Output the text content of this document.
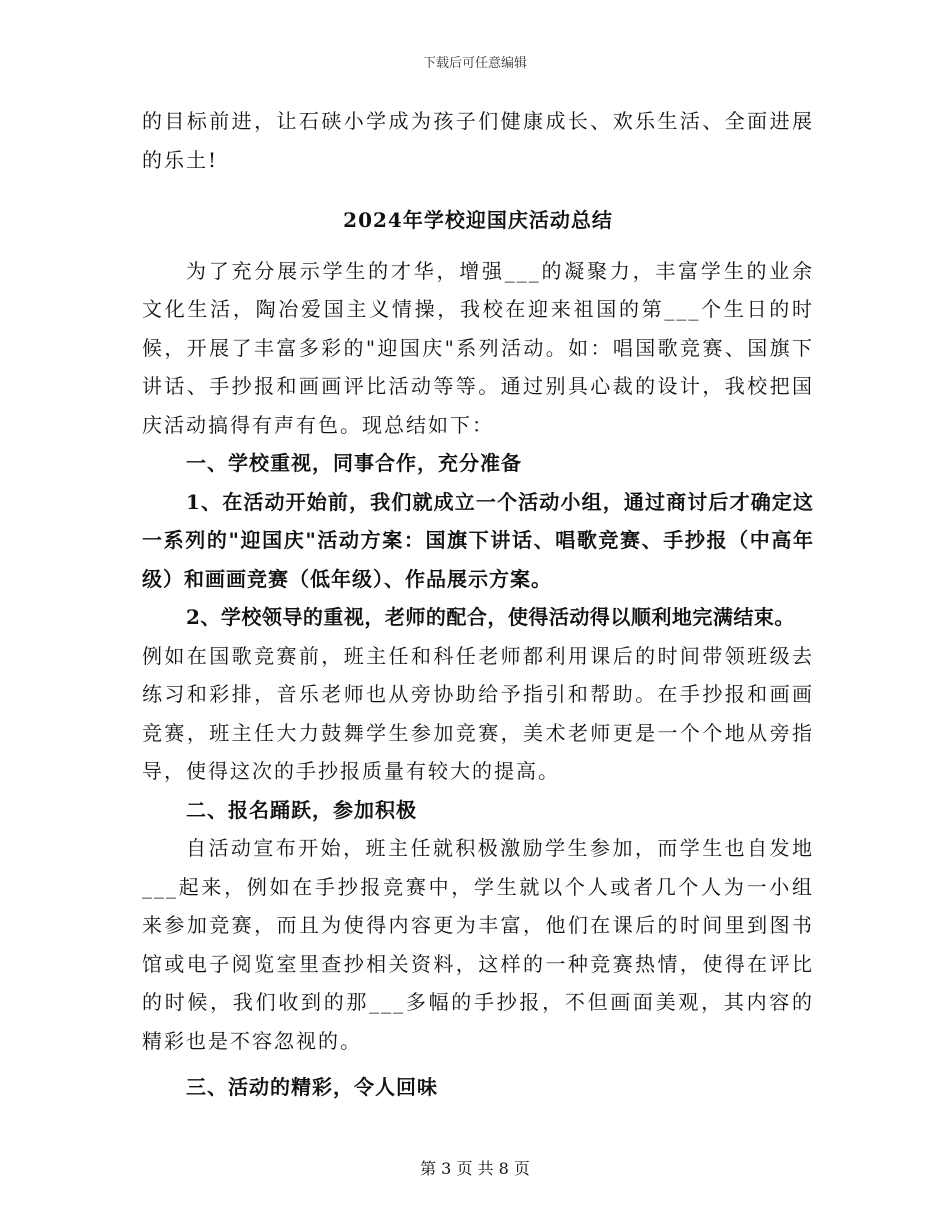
下载后可任意编辑

的目标前进，让石硖小学成为孩子们健康成长、欢乐生活、全面进展的乐土!

2024年学校迎国庆活动总结

为了充分展示学生的才华，增强___的凝聚力，丰富学生的业余文化生活，陶冶爱国主义情操，我校在迎来祖国的第___个生日的时候，开展了丰富多彩的"迎国庆"系列活动。如：唱国歌竞赛、国旗下讲话、手抄报和画画评比活动等等。通过别具心裁的设计，我校把国庆活动搞得有声有色。现总结如下：

一、学校重视，同事合作，充分准备

1、在活动开始前，我们就成立一个活动小组，通过商讨后才确定这一系列的"迎国庆"活动方案：国旗下讲话、唱歌竞赛、手抄报（中高年级）和画画竞赛（低年级）、作品展示方案。

2、学校领导的重视，老师的配合，使得活动得以顺利地完满结束。

例如在国歌竞赛前，班主任和科任老师都利用课后的时间带领班级去练习和彩排，音乐老师也从旁协助给予指引和帮助。在手抄报和画画竞赛，班主任大力鼓舞学生参加竞赛，美术老师更是一个个地从旁指导，使得这次的手抄报质量有较大的提高。

二、报名踊跃，参加积极

自活动宣布开始，班主任就积极激励学生参加，而学生也自发地___起来，例如在手抄报竞赛中，学生就以个人或者几个人为一小组来参加竞赛，而且为使得内容更为丰富，他们在课后的时间里到图书馆或电子阅览室里查抄相关资料，这样的一种竞赛热情，使得在评比的时候，我们收到的那___多幅的手抄报，不但画面美观，其内容的精彩也是不容忽视的。

三、活动的精彩，令人回味

第 3 页 共 8 页
